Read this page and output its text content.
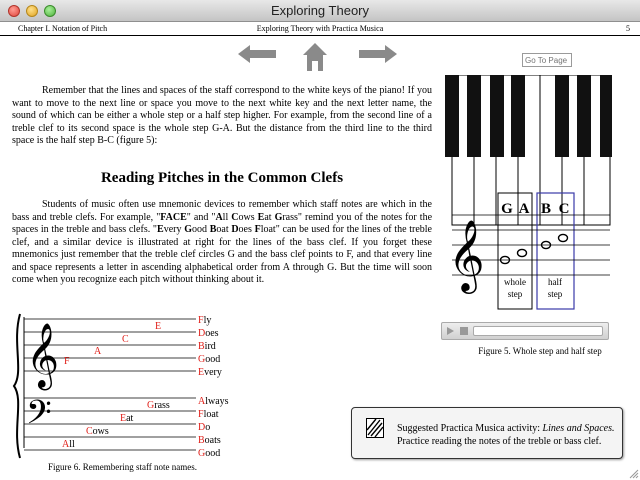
Exploring Theory
Chapter I. Notation of Pitch	Exploring Theory with Practica Musica	5
Go To Page

Remember that the lines and spaces of the staff correspond to the white keys of the piano! If you want to move to the next line or space you move to the next white key and the next letter name, the sound of which can be either a whole step or a half step higher. For example, from the second line of a treble clef to its second space is the whole step G-A. But the distance from the third line to the third space is the half step B-C (figure 5):

Reading Pitches in the Common Clefs

Students of music often use mnemonic devices to remember which staff notes are which in the bass and treble clefs. For example, "FACE" and "All Cows Eat Grass" remind you of the notes for the spaces in the treble and bass clefs. "Every Good Boat Does Float" can be used for the lines of the treble clef, and a similar device is illustrated at right for the lines of the bass clef. If you forget these mnemonics just remember that the treble clef circles G and the bass clef points to F, and that every line and space represents a letter in ascending alphabetical order from A through G. But the time will soon come when you recognize each pitch without thinking about it.

G A B C
𝄞 whole
step
half
step
Figure 5. Whole step and half step
𝄞
𝄢
F
A
C
E
Fly
Does
Bird
Good
Every
Always
Float
Do
Boats
Good
All
Cows
Eat
Grass
Figure 6. Remembering staff note names.
Suggested Practica Musica activity: Lines and Spaces.
Practice reading the notes of the treble or bass clef.
